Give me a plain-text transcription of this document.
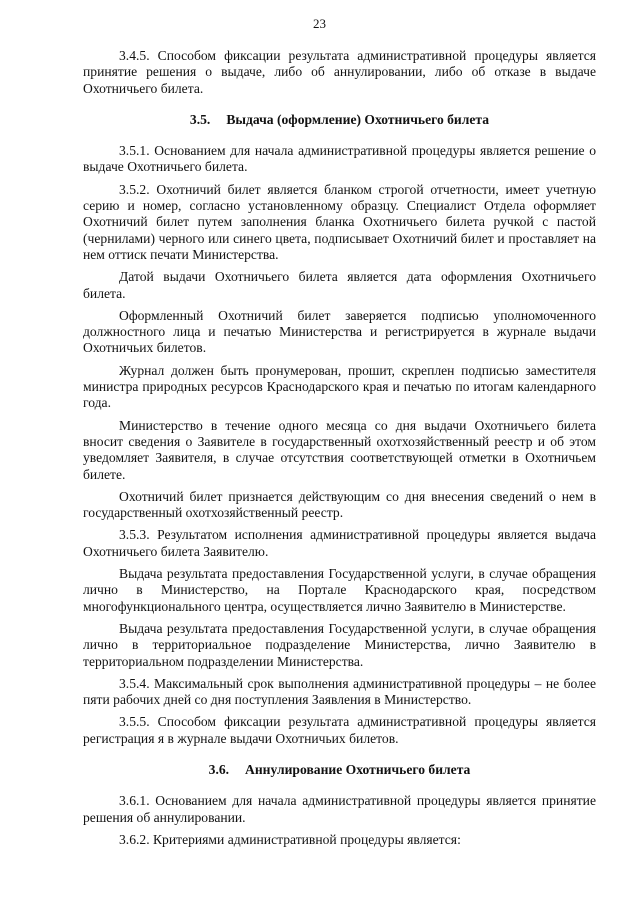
23

3.4.5. Способом фиксации результата административной процедуры является принятие решения о выдаче, либо об аннулировании, либо об отказе в выдаче Охотничьего билета.

3.5. Выдача (оформление) Охотничьего билета

3.5.1. Основанием для начала административной процедуры является решение о выдаче Охотничьего билета.

3.5.2. Охотничий билет является бланком строгой отчетности, имеет учетную серию и номер, согласно установленному образцу. Специалист Отдела оформляет Охотничий билет путем заполнения бланка Охотничьего билета ручкой с пастой (чернилами) черного или синего цвета, подписывает Охотничий билет и проставляет на нем оттиск печати Министерства.

Датой выдачи Охотничьего билета является дата оформления Охотничьего билета.

Оформленный Охотничий билет заверяется подписью уполномоченного должностного лица и печатью Министерства и регистрируется в журнале выдачи Охотничьих билетов.

Журнал должен быть пронумерован, прошит, скреплен подписью заместителя министра природных ресурсов Краснодарского края и печатью по итогам календарного года.

Министерство в течение одного месяца со дня выдачи Охотничьего билета вносит сведения о Заявителе в государственный охотхозяйственный реестр и об этом уведомляет Заявителя, в случае отсутствия соответствующей отметки в Охотничьем билете.

Охотничий билет признается действующим со дня внесения сведений о нем в государственный охотхозяйственный реестр.

3.5.3. Результатом исполнения административной процедуры является выдача Охотничьего билета Заявителю.

Выдача результата предоставления Государственной услуги, в случае обращения лично в Министерство, на Портале Краснодарского края, посредством многофункционального центра, осуществляется лично Заявителю в Министерстве.

Выдача результата предоставления Государственной услуги, в случае обращения лично в территориальное подразделение Министерства, лично Заявителю в территориальном подразделении Министерства.

3.5.4. Максимальный срок выполнения административной процедуры – не более пяти рабочих дней со дня поступления Заявления в Министерство.

3.5.5. Способом фиксации результата административной процедуры является регистрация я в журнале выдачи Охотничьих билетов.

3.6. Аннулирование Охотничьего билета

3.6.1. Основанием для начала административной процедуры является принятие решения об аннулировании.

3.6.2. Критериями административной процедуры является:
